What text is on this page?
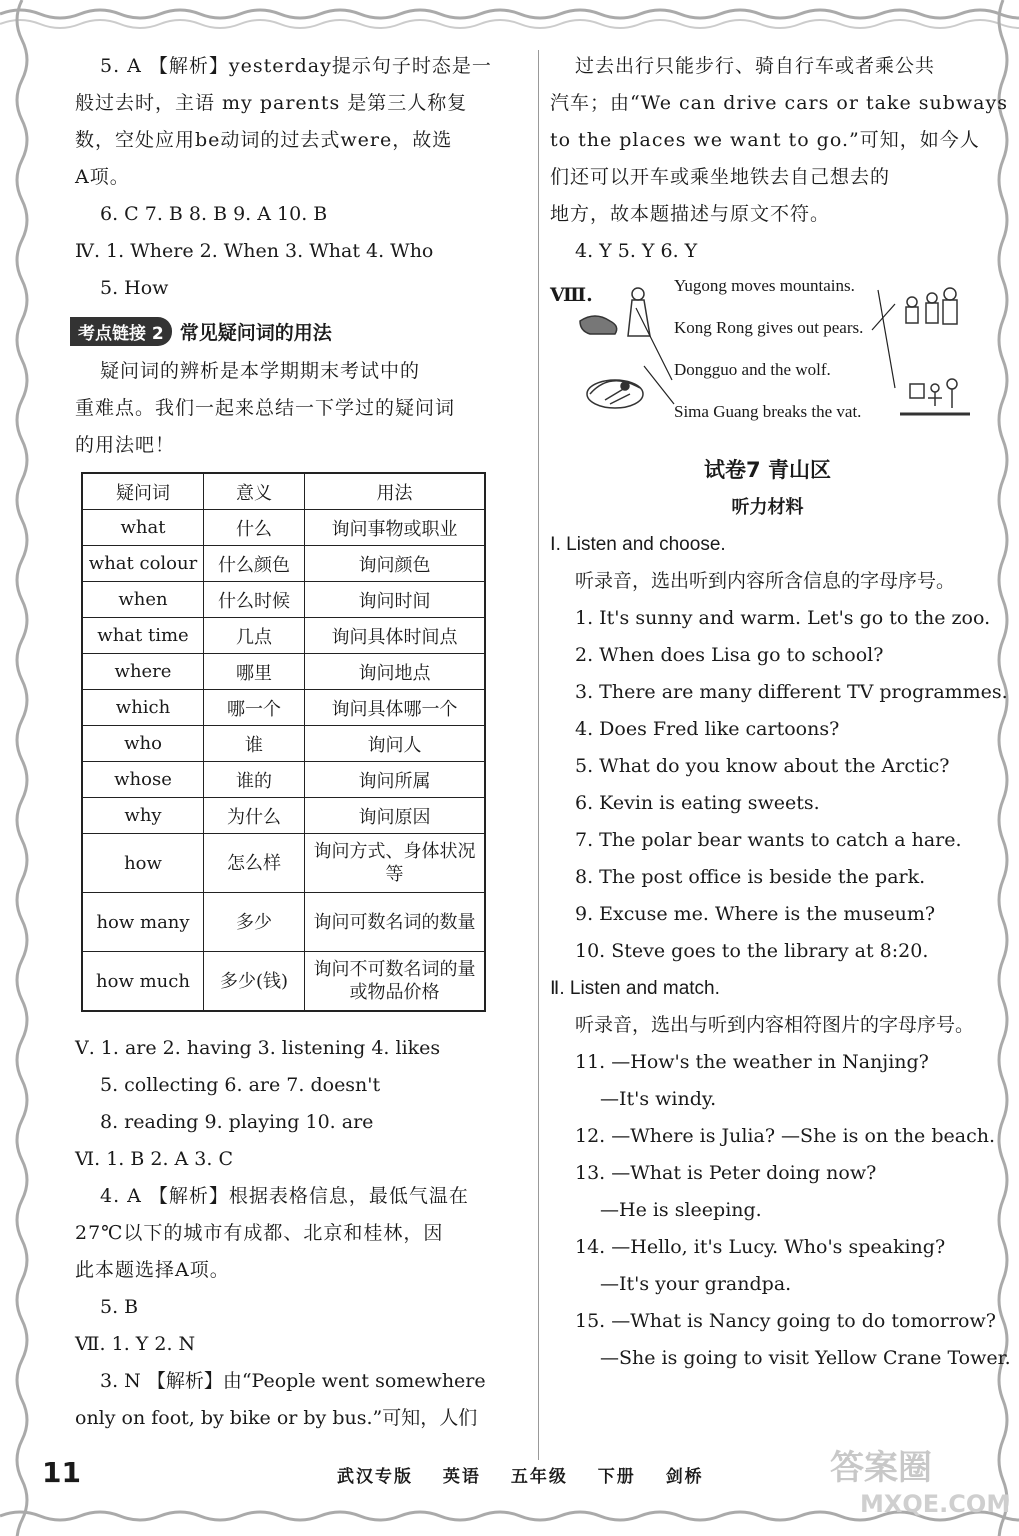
5. A 【解析】yesterday提示句子时态是一
般过去时，主语 my parents 是第三人称复
数，空处应用be动词的过去式were，故选
A项。
6. C 7. B 8. B 9. A 10. B
Ⅳ. 1. Where 2. When 3. What 4. Who
5. How
考点链接 2 常见疑问词的用法
疑问词的辨析是本学期期末考试中的
重难点。我们一起来总结一下学过的疑问词
的用法吧！
疑问词	意义	用法
what	什么	询问事物或职业
what colour	什么颜色	询问颜色
when	什么时候	询问时间
what time	几点	询问具体时间点
where	哪里	询问地点
which	哪一个	询问具体哪一个
who	谁	询问人
whose	谁的	询问所属
why	为什么	询问原因
how	怎么样	询问方式、身体状况等
how many	多少	询问可数名词的数量
how much	多少(钱)	询问不可数名词的量或物品价格
Ⅴ. 1. are 2. having 3. listening 4. likes
5. collecting 6. are 7. doesn't
8. reading 9. playing 10. are
Ⅵ. 1. B 2. A 3. C
4. A 【解析】根据表格信息，最低气温在
27℃以下的城市有成都、北京和桂林，因
此本题选择A项。
5. B
Ⅶ. 1. Y 2. N
3. N 【解析】由“People went somewhere
only on foot, by bike or by bus.”可知，人们
过去出行只能步行、骑自行车或者乘公共
汽车；由“We can drive cars or take subways
to the places we want to go.”可知，如今人
们还可以开车或乘坐地铁去自己想去的
地方，故本题描述与原文不符。
4. Y 5. Y 6. Y
Ⅷ.	Yugong moves mountains.
Kong Rong gives out pears.
Dongguo and the wolf.
Sima Guang breaks the vat.
试卷7 青山区
听力材料
Ⅰ. Listen and choose.
听录音，选出听到内容所含信息的字母序号。
1. It's sunny and warm. Let's go to the zoo.
2. When does Lisa go to school?
3. There are many different TV programmes.
4. Does Fred like cartoons?
5. What do you know about the Arctic?
6. Kevin is eating sweets.
7. The polar bear wants to catch a hare.
8. The post office is beside the park.
9. Excuse me. Where is the museum?
10. Steve goes to the library at 8:20.
Ⅱ. Listen and match.
听录音，选出与听到内容相符图片的字母序号。
11. —How's the weather in Nanjing?
—It's windy.
12. —Where is Julia? —She is on the beach.
13. —What is Peter doing now?
—He is sleeping.
14. —Hello, it's Lucy. Who's speaking?
—It's your grandpa.
15. —What is Nancy going to do tomorrow?
—She is going to visit Yellow Crane Tower.
11	武汉专版 英语 五年级 下册 剑桥	答案圈
MXQE.COM
